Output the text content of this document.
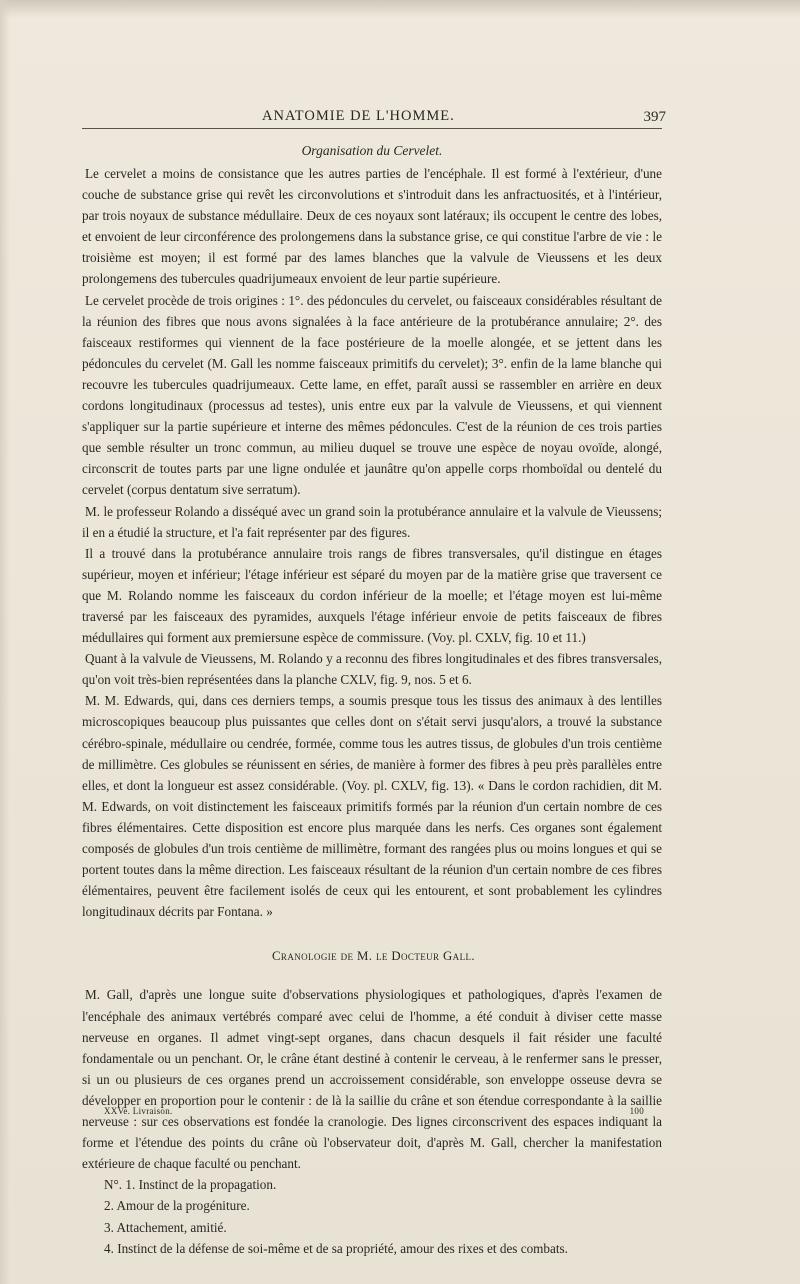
ANATOMIE DE L'HOMME.	397
Organisation du Cervelet.

Le cervelet a moins de consistance que les autres parties de l'encéphale. Il est formé à l'extérieur, d'une couche de substance grise qui revêt les circonvolutions et s'introduit dans les anfractuosités, et à l'intérieur, par trois noyaux de substance médullaire. Deux de ces noyaux sont latéraux; ils occupent le centre des lobes, et envoient de leur circonférence des prolongemens dans la substance grise, ce qui constitue l'arbre de vie : le troisième est moyen; il est formé par des lames blanches que la valvule de Vieussens et les deux prolongemens des tubercules quadrijumeaux envoient de leur partie supérieure.

Le cervelet procède de trois origines : 1°. des pédoncules du cervelet, ou faisceaux considérables résultant de la réunion des fibres que nous avons signalées à la face antérieure de la protubérance annulaire; 2°. des faisceaux restiformes qui viennent de la face postérieure de la moelle alongée, et se jettent dans les pédoncules du cervelet (M. Gall les nomme faisceaux primitifs du cervelet); 3°. enfin de la lame blanche qui recouvre les tubercules quadrijumeaux. Cette lame, en effet, paraît aussi se rassembler en arrière en deux cordons longitudinaux (processus ad testes), unis entre eux par la valvule de Vieussens, et qui viennent s'appliquer sur la partie supérieure et interne des mêmes pédoncules. C'est de la réunion de ces trois parties que semble résulter un tronc commun, au milieu duquel se trouve une espèce de noyau ovoïde, alongé, circonscrit de toutes parts par une ligne ondulée et jaunâtre qu'on appelle corps rhomboïdal ou dentelé du cervelet (corpus dentatum sive serratum).

M. le professeur Rolando a disséqué avec un grand soin la protubérance annulaire et la valvule de Vieussens; il en a étudié la structure, et l'a fait représenter par des figures.

Il a trouvé dans la protubérance annulaire trois rangs de fibres transversales, qu'il distingue en étages supérieur, moyen et inférieur; l'étage inférieur est séparé du moyen par de la matière grise que traversent ce que M. Rolando nomme les faisceaux du cordon inférieur de la moelle; et l'étage moyen est lui-même traversé par les faisceaux des pyramides, auxquels l'étage inférieur envoie de petits faisceaux de fibres médullaires qui forment aux premiersune espèce de commissure. (Voy. pl. CXLV, fig. 10 et 11.)

Quant à la valvule de Vieussens, M. Rolando y a reconnu des fibres longitudinales et des fibres transversales, qu'on voit très-bien représentées dans la planche CXLV, fig. 9, nos. 5 et 6.

M. M. Edwards, qui, dans ces derniers temps, a soumis presque tous les tissus des animaux à des lentilles microscopiques beaucoup plus puissantes que celles dont on s'était servi jusqu'alors, a trouvé la substance cérébro-spinale, médullaire ou cendrée, formée, comme tous les autres tissus, de globules d'un trois centième de millimètre. Ces globules se réunissent en séries, de manière à former des fibres à peu près parallèles entre elles, et dont la longueur est assez considérable. (Voy. pl. CXLV, fig. 13). « Dans le cordon rachidien, dit M. M. Edwards, on voit distinctement les faisceaux primitifs formés par la réunion d'un certain nombre de ces fibres élémentaires. Cette disposition est encore plus marquée dans les nerfs. Ces organes sont également composés de globules d'un trois centième de millimètre, formant des rangées plus ou moins longues et qui se portent toutes dans la même direction. Les faisceaux résultant de la réunion d'un certain nombre de ces fibres élémentaires, peuvent être facilement isolés de ceux qui les entourent, et sont probablement les cylindres longitudinaux décrits par Fontana. »

Cranologie de M. le Docteur Gall.

M. Gall, d'après une longue suite d'observations physiologiques et pathologiques, d'après l'examen de l'encéphale des animaux vertébrés comparé avec celui de l'homme, a été conduit à diviser cette masse nerveuse en organes. Il admet vingt-sept organes, dans chacun desquels il fait résider une faculté fondamentale ou un penchant. Or, le crâne étant destiné à contenir le cerveau, à le renfermer sans le presser, si un ou plusieurs de ces organes prend un accroissement considérable, son enveloppe osseuse devra se développer en proportion pour le contenir : de là la saillie du crâne et son étendue correspondante à la saillie nerveuse : sur ces observations est fondée la cranologie. Des lignes circonscrivent des espaces indiquant la forme et l'étendue des points du crâne où l'observateur doit, d'après M. Gall, chercher la manifestation extérieure de chaque faculté ou penchant.

N°. 1. Instinct de la propagation.
2. Amour de la progéniture.
3. Attachement, amitié.
4. Instinct de la défense de soi-même et de sa propriété, amour des rixes et des combats.
XXVe. Livraison.	100
